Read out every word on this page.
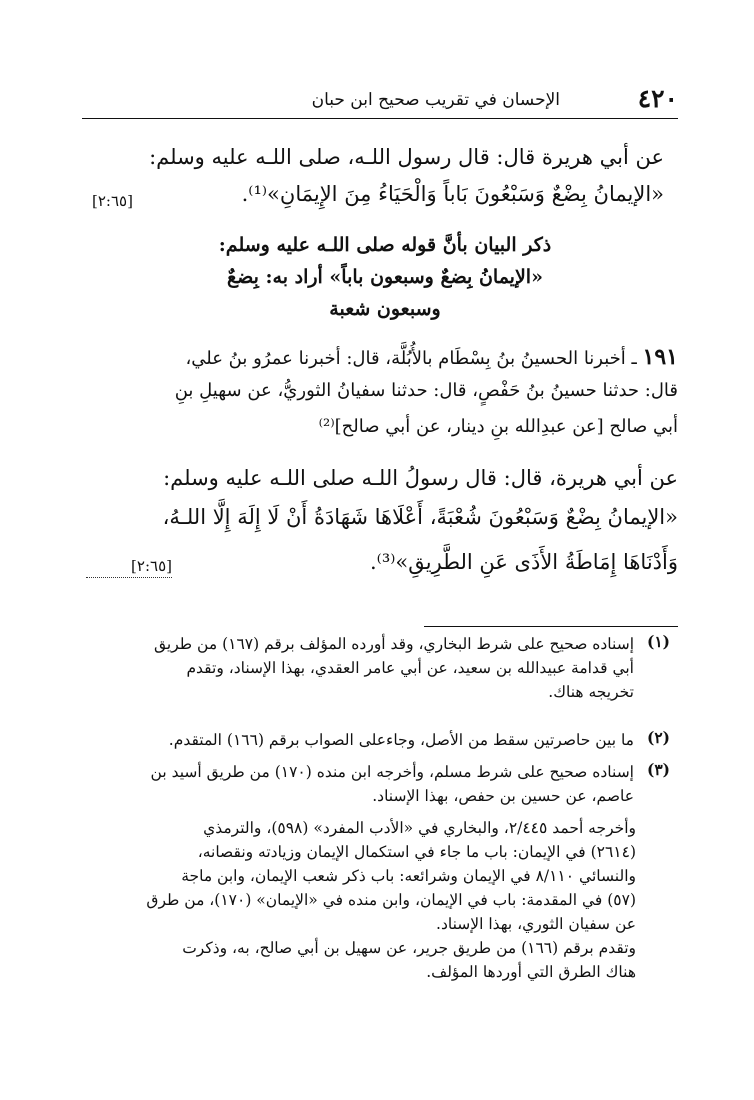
٤٢٠
الإحسان في تقريب صحيح ابن حبان
عن أبي هريرة قال: قال رسول اللـه، صلى اللـه عليه وسلم:
«الإيمانُ بِضْعٌ وَسَبْعُونَ بَاباً وَالْحَيَاءُ مِنَ الإِيمَانِ»⁽¹⁾.
[٢:٦٥]
ذكر البيان بأنَّ قوله صلى اللـه عليه وسلم:
«الإيمانُ بِضعٌ وسبعون باباً» أراد به: بِضعٌ
وسبعون شعبة
١٩١ ـ أخبرنا الحسينُ بنُ بِسْطَام بالأُبُلَّة، قال: أخبرنا عمرُو بنُ علي،
قال: حدثنا حسينُ بنُ حَفْصٍ، قال: حدثنا سفيانُ الثوريُّ، عن سهيلِ بنِ
أبي صالح [عن عبدِالله بنِ دينار، عن أبي صالح]⁽²⁾
عن أبي هريرة، قال: قال رسولُ اللـه صلى اللـه عليه وسلم:
«الإيمانُ بِضْعٌ وَسَبْعُونَ شُعْبَةً، أَعْلَاهَا شَهَادَةُ أَنْ لَا إِلَهَ إِلَّا اللـهُ،
وَأَدْنَاهَا إِمَاطَةُ الأَذَى عَنِ الطَّرِيقِ»⁽³⁾.
[٢:٦٥]
(١)
إسناده صحيح على شرط البخاري، وقد أورده المؤلف برقم (١٦٧) من طريق
أبي قدامة عبيدالله بن سعيد، عن أبي عامر العقدي، بهذا الإسناد، وتقدم
تخريجه هناك.
(٢)
ما بين حاصرتين سقط من الأصل، وجاءعلى الصواب برقم (١٦٦) المتقدم.
(٣)
إسناده صحيح على شرط مسلم، وأخرجه ابن منده (١٧٠) من طريق أسيد بن
عاصم، عن حسين بن حفص، بهذا الإسناد.
وأخرجه أحمد ٢/٤٤٥، والبخاري في «الأدب المفرد» (٥٩٨)، والترمذي
(٢٦١٤) في الإيمان: باب ما جاء في استكمال الإيمان وزيادته ونقصانه،
والنسائي ٨/١١٠ في الإيمان وشرائعه: باب ذكر شعب الإيمان، وابن ماجة
(٥٧) في المقدمة: باب في الإيمان، وابن منده في «الإيمان» (١٧٠)، من طرق
عن سفيان الثوري، بهذا الإسناد.
وتقدم برقم (١٦٦) من طريق جرير، عن سهيل بن أبي صالح، به، وذكرت
هناك الطرق التي أوردها المؤلف.
